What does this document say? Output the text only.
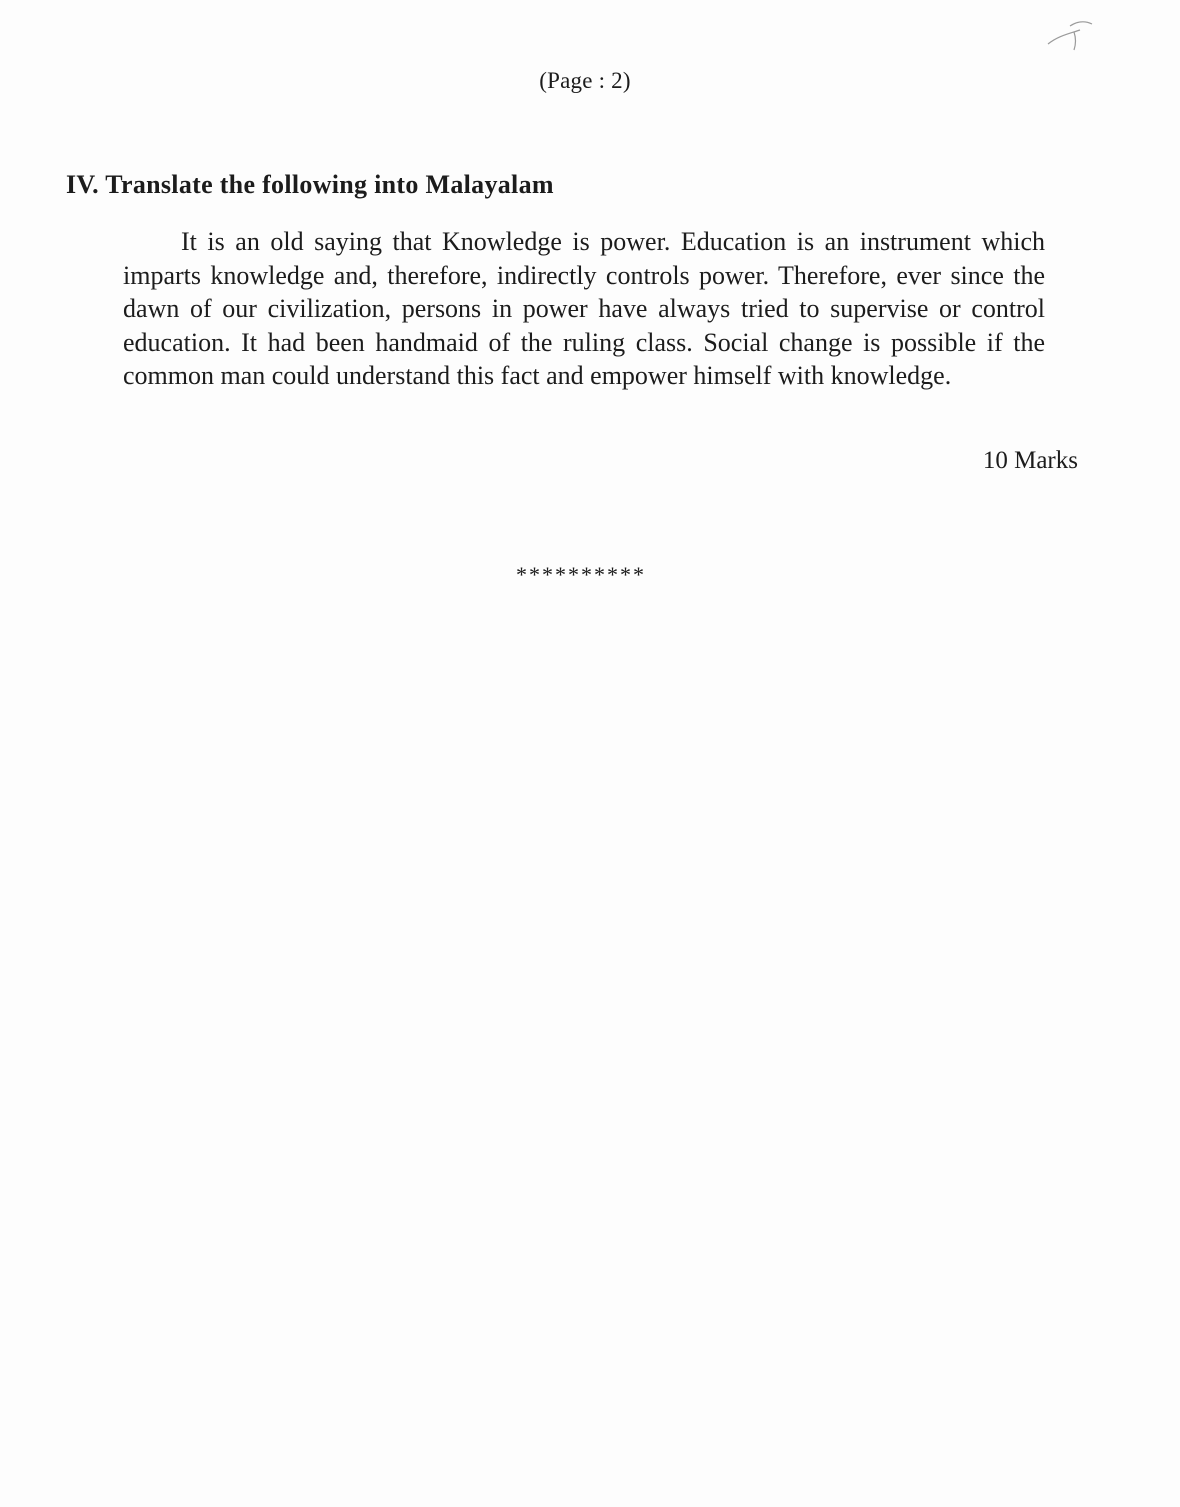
(Page : 2)
IV. Translate the following into Malayalam

It is an old saying that Knowledge is power. Education is an instrument which imparts knowledge and, therefore, indirectly controls power. Therefore, ever since the dawn of our civilization, persons in power have always tried to supervise or control education. It had been handmaid of the ruling class. Social change is possible if the common man could understand this fact and empower himself with knowledge.

10 Marks
**********
